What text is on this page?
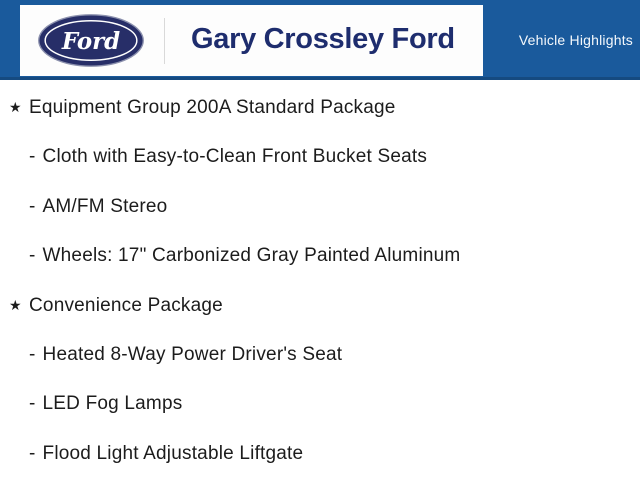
Ford Gary Crossley Ford	Vehicle Highlights
★ Equipment Group 200A Standard Package
- Cloth with Easy-to-Clean Front Bucket Seats
- AM/FM Stereo
- Wheels: 17" Carbonized Gray Painted Aluminum
★ Convenience Package
- Heated 8-Way Power Driver's Seat
- LED Fog Lamps
- Flood Light Adjustable Liftgate
